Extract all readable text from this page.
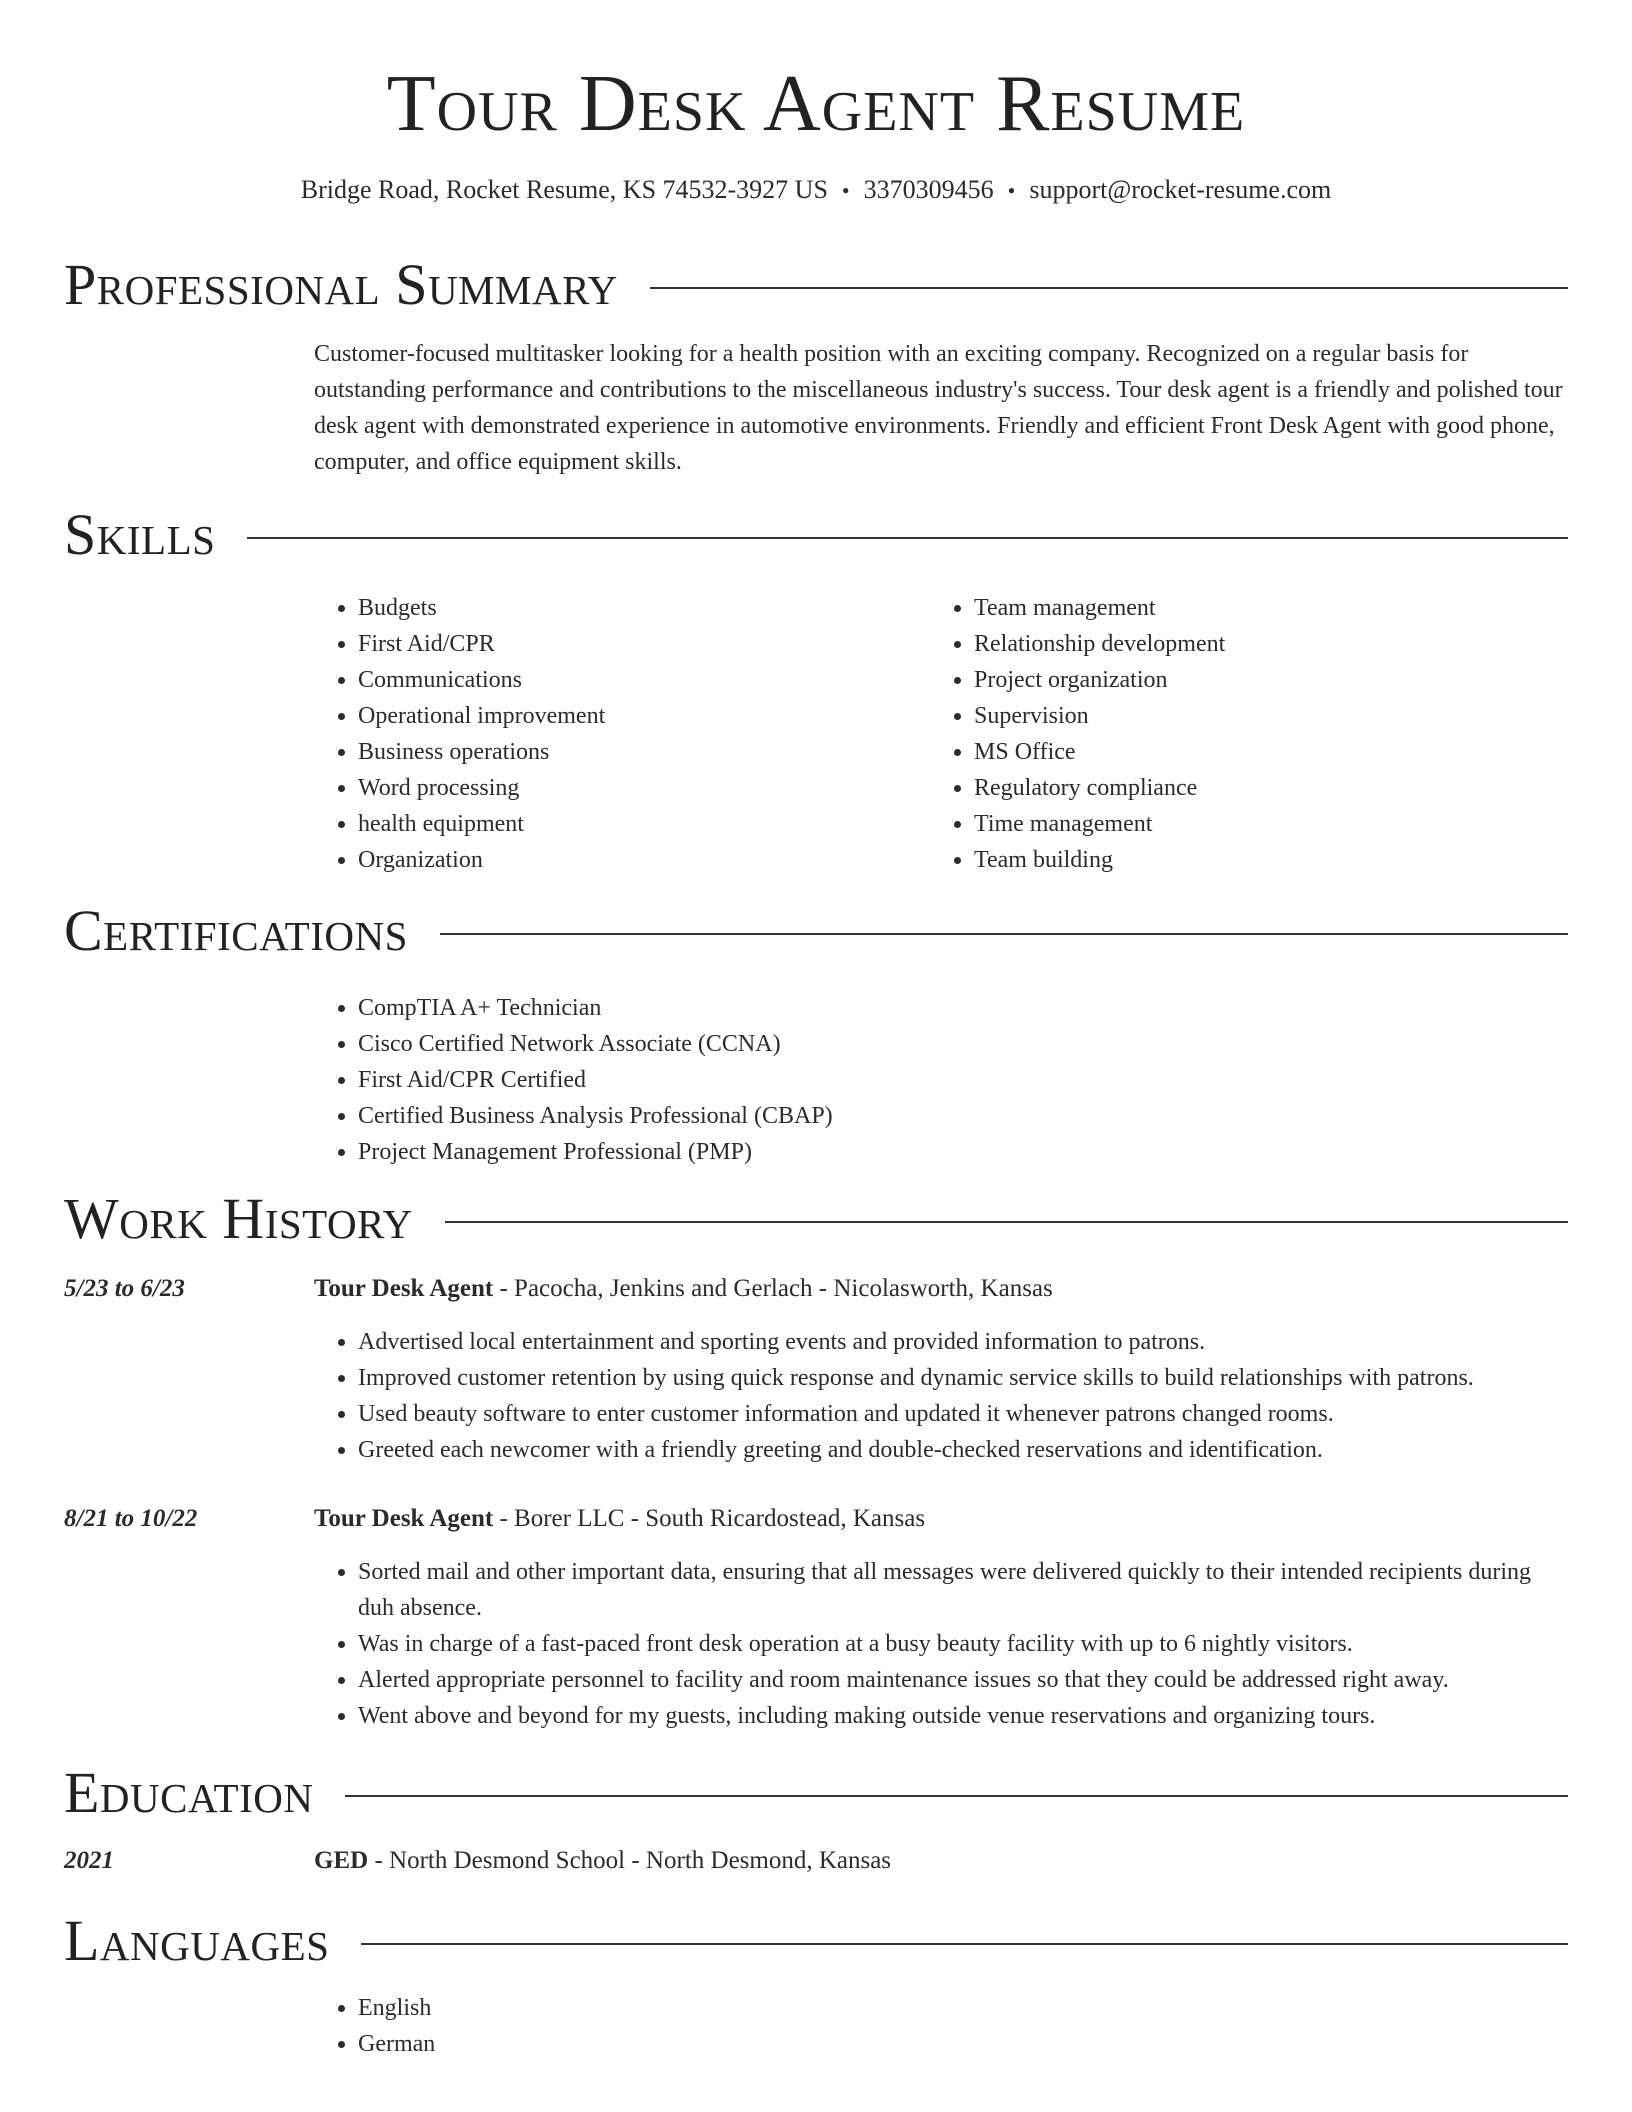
Tour Desk Agent Resume
Bridge Road, Rocket Resume, KS 74532-3927 US • 3370309456 • support@rocket-resume.com
Professional Summary
Customer-focused multitasker looking for a health position with an exciting company. Recognized on a regular basis for outstanding performance and contributions to the miscellaneous industry's success. Tour desk agent is a friendly and polished tour desk agent with demonstrated experience in automotive environments. Friendly and efficient Front Desk Agent with good phone, computer, and office equipment skills.
Skills
• Budgets
• First Aid/CPR
• Communications
• Operational improvement
• Business operations
• Word processing
• health equipment
• Organization
• Team management
• Relationship development
• Project organization
• Supervision
• MS Office
• Regulatory compliance
• Time management
• Team building
Certifications
• CompTIA A+ Technician
• Cisco Certified Network Associate (CCNA)
• First Aid/CPR Certified
• Certified Business Analysis Professional (CBAP)
• Project Management Professional (PMP)
Work History
5/23 to 6/23	Tour Desk Agent - Pacocha, Jenkins and Gerlach - Nicolasworth, Kansas
• Advertised local entertainment and sporting events and provided information to patrons.
• Improved customer retention by using quick response and dynamic service skills to build relationships with patrons.
• Used beauty software to enter customer information and updated it whenever patrons changed rooms.
• Greeted each newcomer with a friendly greeting and double-checked reservations and identification.
8/21 to 10/22	Tour Desk Agent - Borer LLC - South Ricardostead, Kansas
• Sorted mail and other important data, ensuring that all messages were delivered quickly to their intended recipients during duh absence.
• Was in charge of a fast-paced front desk operation at a busy beauty facility with up to 6 nightly visitors.
• Alerted appropriate personnel to facility and room maintenance issues so that they could be addressed right away.
• Went above and beyond for my guests, including making outside venue reservations and organizing tours.
Education
2021	GED - North Desmond School - North Desmond, Kansas
Languages
• English
• German
